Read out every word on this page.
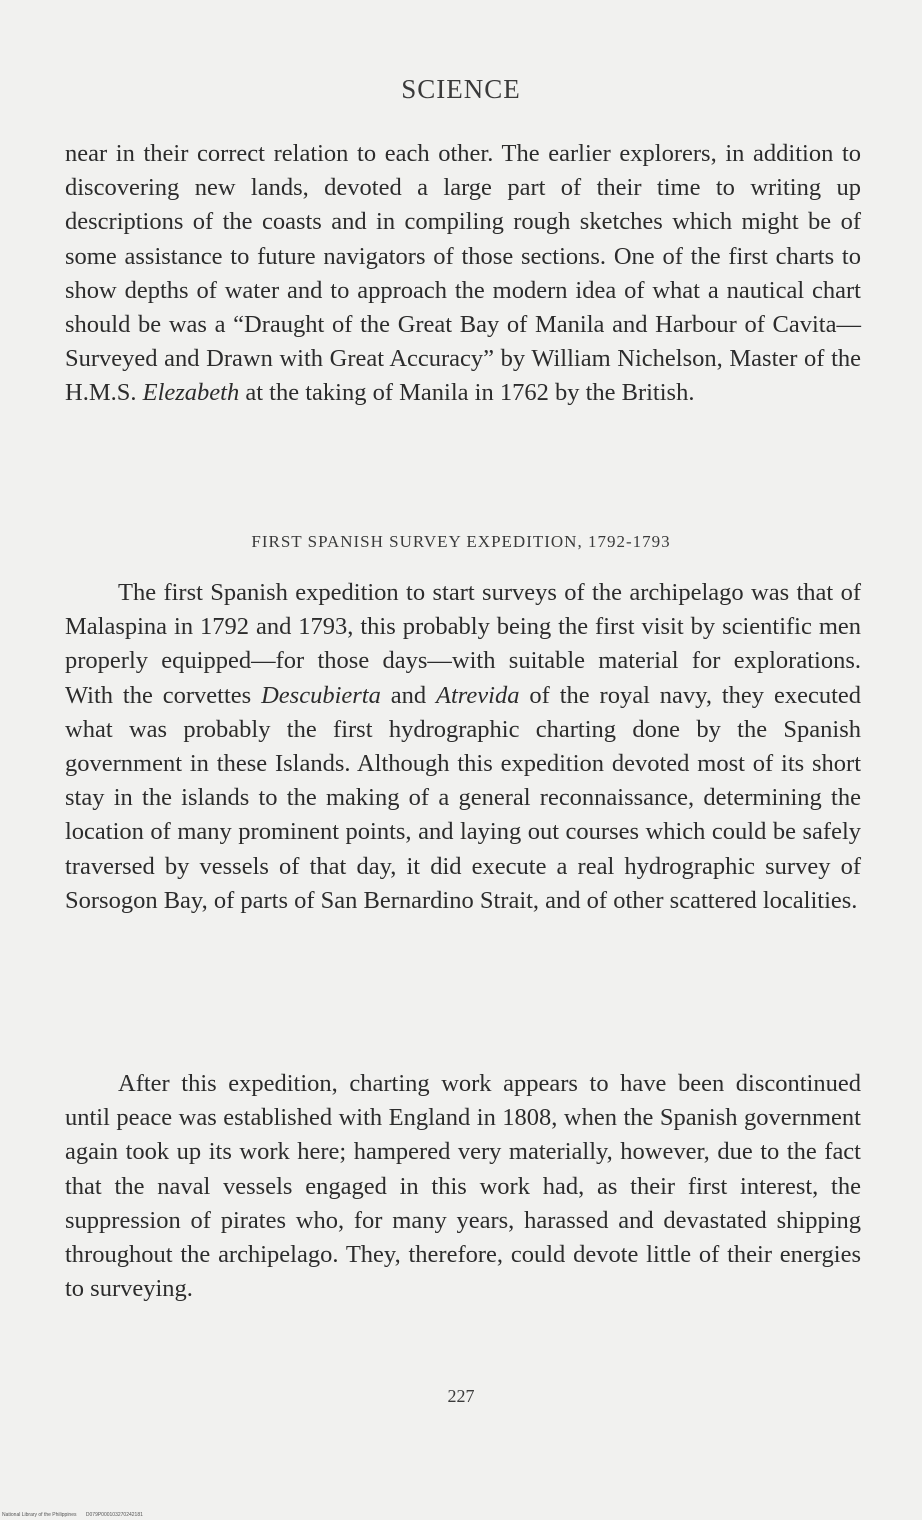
SCIENCE
near in their correct relation to each other. The earlier explorers, in addition to discovering new lands, devoted a large part of their time to writing up descriptions of the coasts and in compiling rough sketches which might be of some assistance to future navigators of those sections. One of the first charts to show depths of water and to approach the modern idea of what a nautical chart should be was a “Draught of the Great Bay of Manila and Harbour of Cavita—Surveyed and Drawn with Great Accuracy” by William Nichelson, Master of the H.M.S. Elezabeth at the taking of Manila in 1762 by the British.
FIRST SPANISH SURVEY EXPEDITION, 1792-1793
The first Spanish expedition to start surveys of the archipelago was that of Malaspina in 1792 and 1793, this probably being the first visit by scientific men properly equipped—for those days—with suitable material for explorations. With the corvettes Descubierta and Atrevida of the royal navy, they executed what was probably the first hydrographic charting done by the Spanish government in these Islands. Although this expedition devoted most of its short stay in the islands to the making of a general reconnaissance, determining the location of many prominent points, and laying out courses which could be safely traversed by vessels of that day, it did execute a real hydrographic survey of Sorsogon Bay, of parts of San Bernardino Strait, and of other scattered localities.
After this expedition, charting work appears to have been discontinued until peace was established with England in 1808, when the Spanish government again took up its work here; hampered very materially, however, due to the fact that the naval vessels engaged in this work had, as their first interest, the suppression of pirates who, for many years, harassed and devastated shipping throughout the archipelago. They, therefore, could devote little of their energies to surveying.
227
National Library of the Philippines D079P000103270242181
